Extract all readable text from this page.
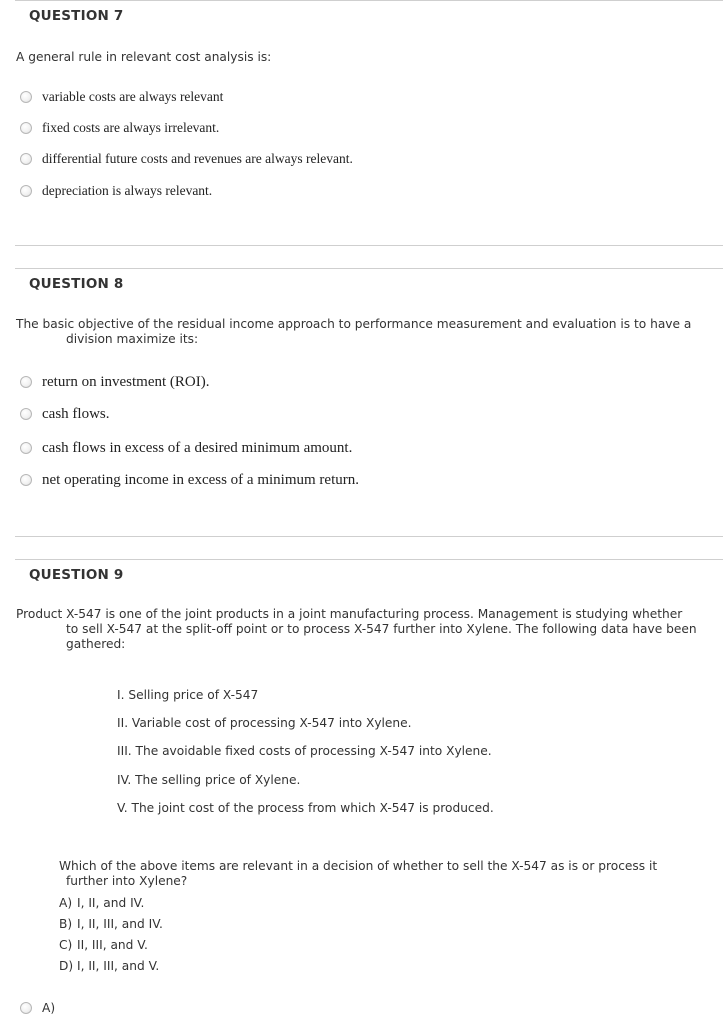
QUESTION 7
A general rule in relevant cost analysis is:
variable costs are always relevant
fixed costs are always irrelevant.
differential future costs and revenues are always relevant.
depreciation is always relevant.
QUESTION 8
The basic objective of the residual income approach to performance measurement and evaluation is to have a
division maximize its:
return on investment (ROI).
cash flows.
cash flows in excess of a desired minimum amount.
net operating income in excess of a minimum return.
QUESTION 9
Product X-547 is one of the joint products in a joint manufacturing process. Management is studying whether
to sell X-547 at the split-off point or to process X-547 further into Xylene. The following data have been
gathered:
I. Selling price of X-547
II. Variable cost of processing X-547 into Xylene.
III. The avoidable fixed costs of processing X-547 into Xylene.
IV. The selling price of Xylene.
V. The joint cost of the process from which X-547 is produced.
Which of the above items are relevant in a decision of whether to sell the X-547 as is or process it
further into Xylene?
A) I, II, and IV.
B) I, II, III, and IV.
C) II, III, and V.
D) I, II, III, and V.
A)
